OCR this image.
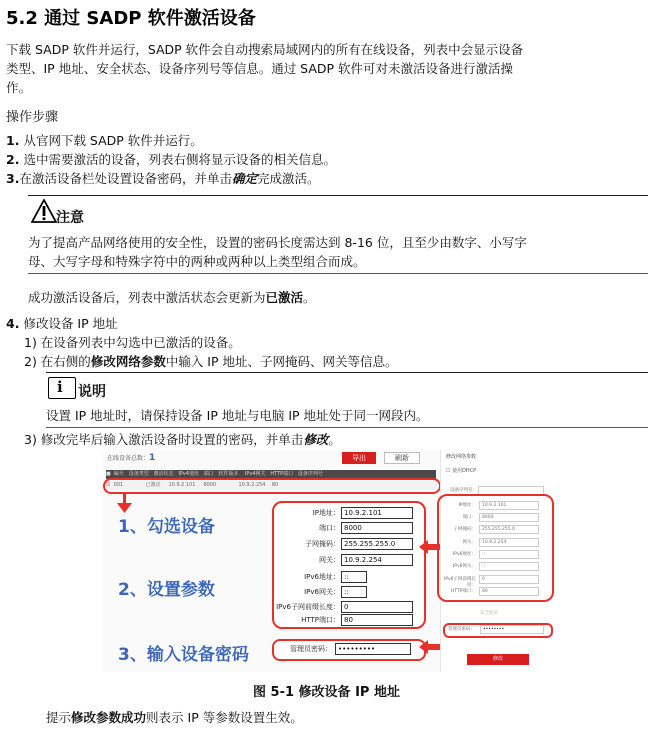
5.2 通过 SADP 软件激活设备
下载 SADP 软件并运行，SADP 软件会自动搜索局域网内的所有在线设备，列表中会显示设备
类型、IP 地址、安全状态、设备序列号等信息。通过 SADP 软件可对未激活设备进行激活操
作。
操作步骤
1. 从官网下载 SADP 软件并运行。
2. 选中需要激活的设备，列表右侧将显示设备的相关信息。
3.在激活设备栏处设置设备密码，并单击确定完成激活。
注意
为了提高产品网络使用的安全性，设置的密码长度需达到 8-16 位，且至少由数字、小写字
母、大写字母和特殊字符中的两种或两种以上类型组合而成。
成功激活设备后，列表中激活状态会更新为已激活。
4. 修改设备 IP 地址
1) 在设备列表中勾选中已激活的设备。
2) 在右侧的修改网络参数中输入 IP 地址、子网掩码、网关等信息。
i 说明
设置 IP 地址时，请保持设备 IP 地址与电脑 IP 地址处于同一网段内。
3) 修改完毕后输入激活设备时设置的密码，并单击修改。
在线设备总数：1	导出	刷新
■ 编号 设备类型 激活状态 IPv4地址 端口 软件版本 IPv4网关 HTTP端口 设备序列号
☑ 001	已激活 10.9.2.101 8000	10.9.2.254 80
1、勾选设备
2、设置参数
3、输入设备密码
IP地址： 10.9.2.101
端口： 8000
子网掩码： 255.255.255.0
网关： 10.9.2.254
IPv6地址： ::
IPv6网关： ::
IPv6子网前缀长度： 0
HTTP端口： 80
管理员密码： •••••••••
修改网络参数
☐ 使用DHCP
设备序列号：
IP地址：	10.9.2.101
端口：	8000
子网掩码：	255.255.255.0
网关：	10.9.2.254
IPv6地址：	::
IPv6网关：	::
IPv6子网前缀长度：
0
HTTP端口：	80
安全验证
管理员密码：	••••••••
修改
图 5-1 修改设备 IP 地址
提示修改参数成功则表示 IP 等参数设置生效。
